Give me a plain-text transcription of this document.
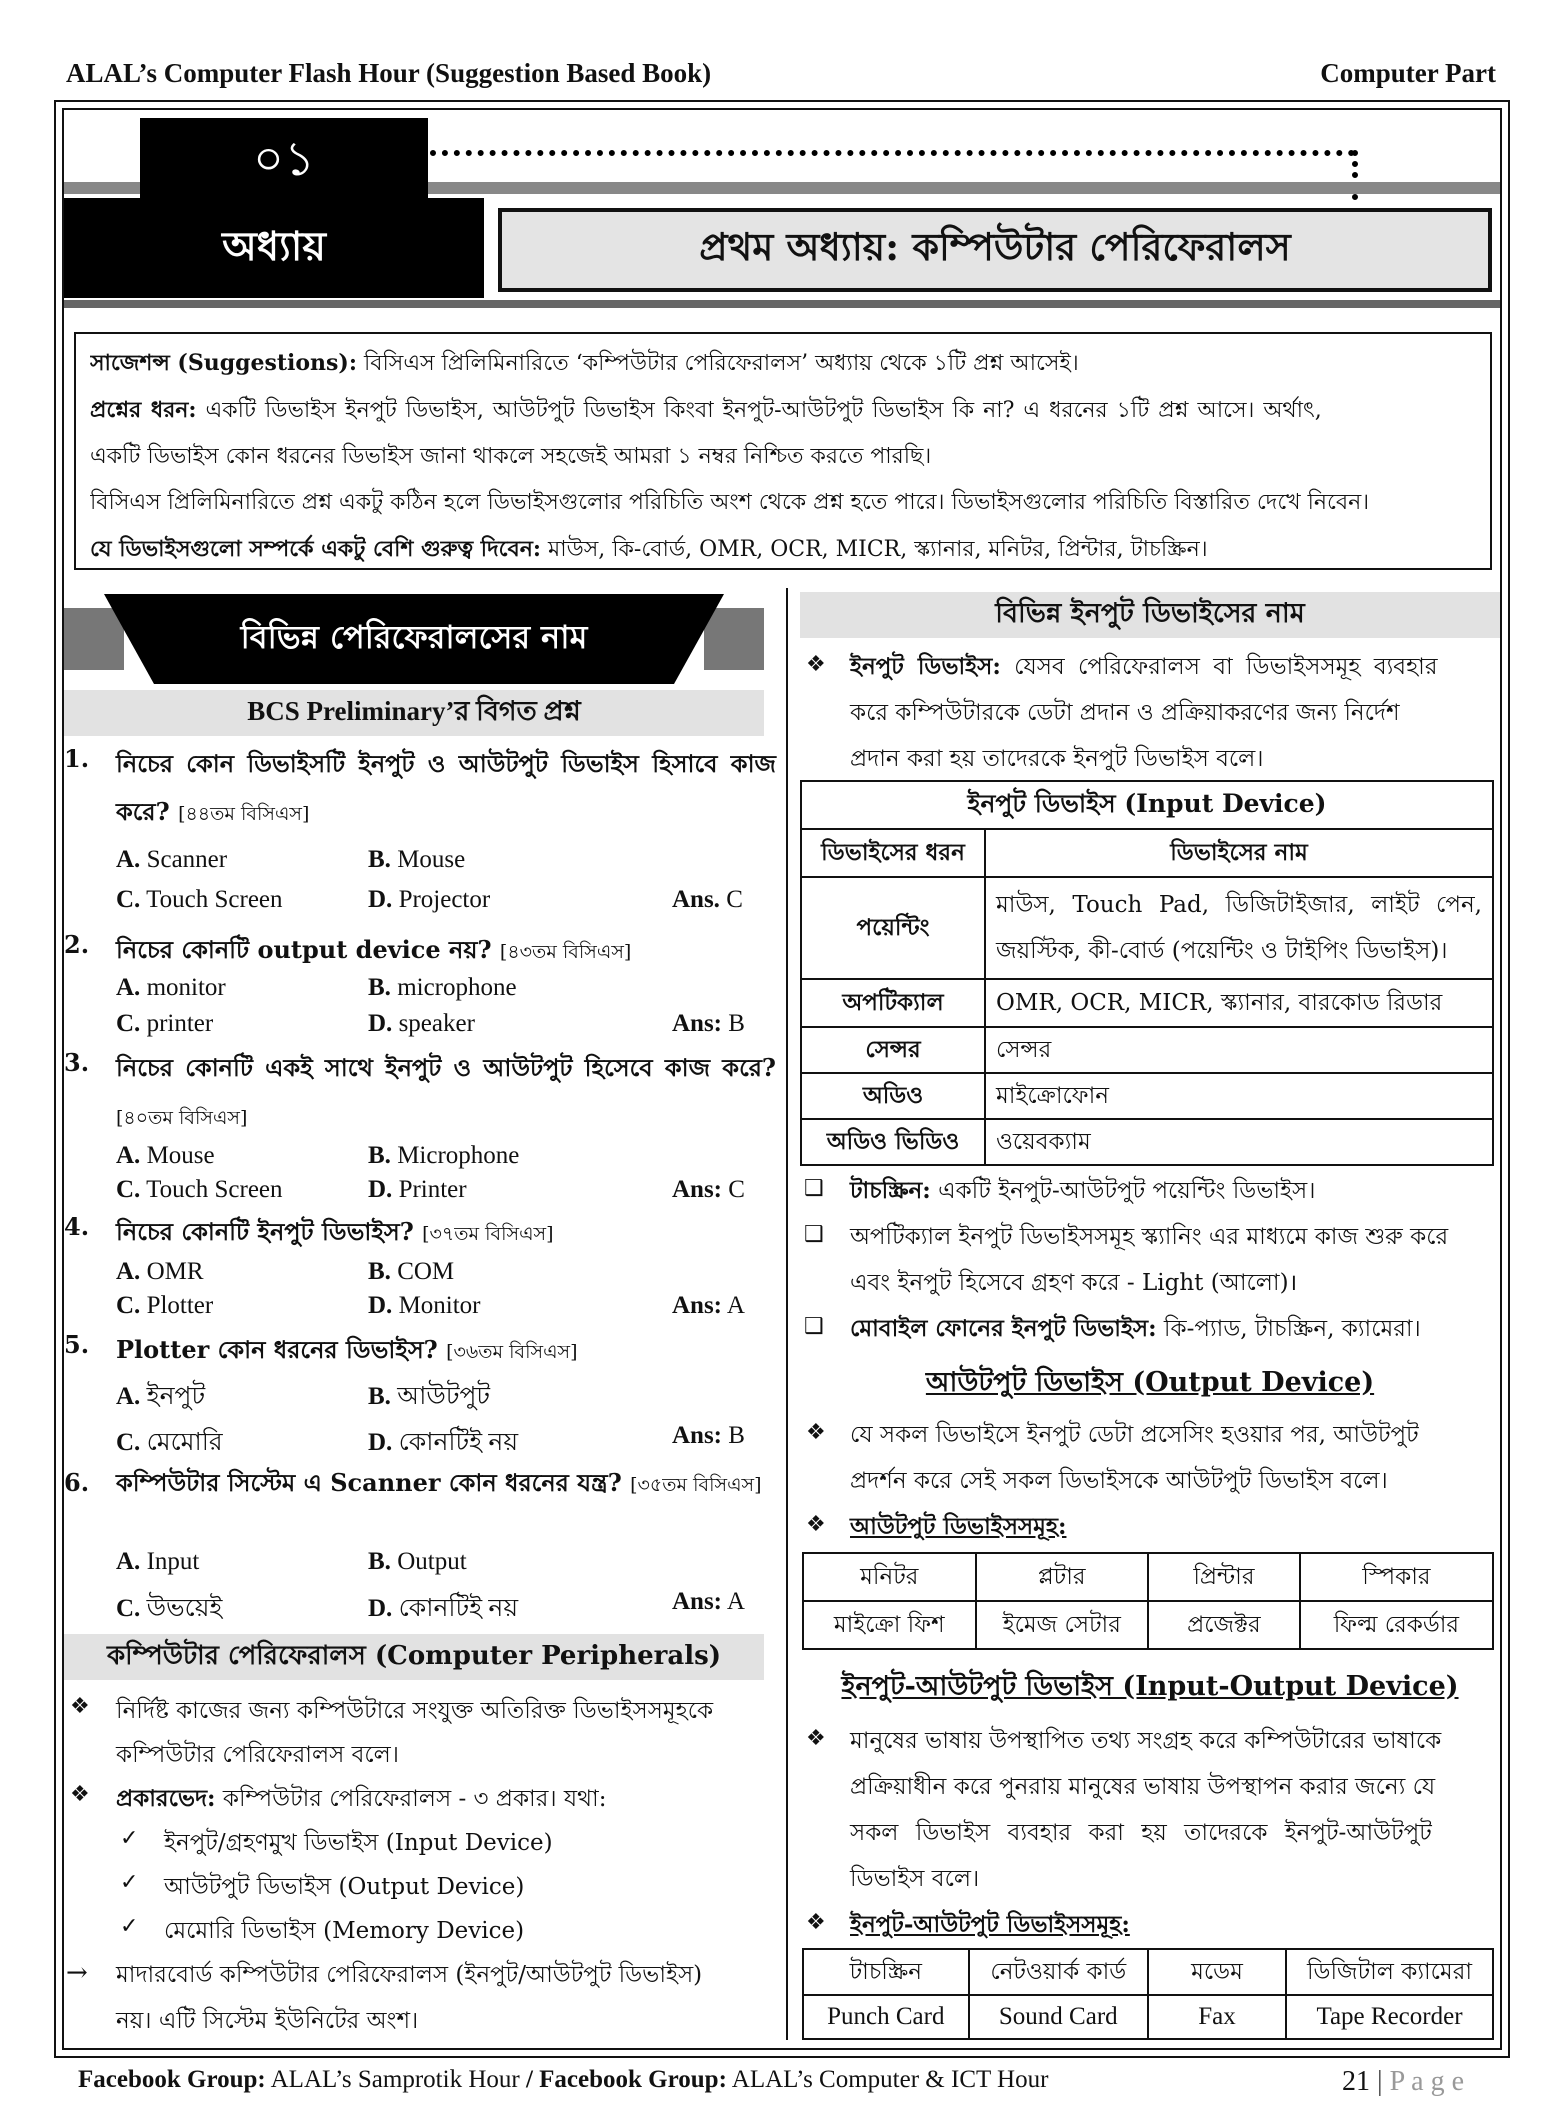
ALAL’s Computer Flash Hour (Suggestion Based Book)	Computer Part
০১
অধ্যায়	প্রথম অধ্যায়: কম্পিউটার পেরিফেরালস

সাজেশন্স (Suggestions): বিসিএস প্রিলিমিনারিতে ‘কম্পিউটার পেরিফেরালস’ অধ্যায় থেকে ১টি প্রশ্ন আসেই।

প্রশ্নের ধরন: একটি ডিভাইস ইনপুট ডিভাইস, আউটপুট ডিভাইস কিংবা ইনপুট-আউটপুট ডিভাইস কি না? এ ধরনের ১টি প্রশ্ন আসে। অর্থাৎ,

একটি ডিভাইস কোন ধরনের ডিভাইস জানা থাকলে সহজেই আমরা ১ নম্বর নিশ্চিত করতে পারছি।

বিসিএস প্রিলিমিনারিতে প্রশ্ন একটু কঠিন হলে ডিভাইসগুলোর পরিচিতি অংশ থেকে প্রশ্ন হতে পারে। ডিভাইসগুলোর পরিচিতি বিস্তারিত দেখে নিবেন।

যে ডিভাইসগুলো সম্পর্কে একটু বেশি গুরুত্ব দিবেন: মাউস, কি-বোর্ড, OMR, OCR, MICR, স্ক্যানার, মনিটর, প্রিন্টার, টাচস্ক্রিন।

বিভিন্ন পেরিফেরালসের নাম
BCS Preliminary’র বিগত প্রশ্ন
1. নিচের কোন ডিভাইসটি ইনপুট ও আউটপুট ডিভাইস হিসাবে কাজ করে? [৪৪তম বিসিএস]
A. Scanner	B. Mouse
C. Touch Screen	D. Projector	Ans. C
2. নিচের কোনটি output device নয়? [৪৩তম বিসিএস]
A. monitor	B. microphone
C. printer	D. speaker	Ans: B
3. নিচের কোনটি একই সাথে ইনপুট ও আউটপুট হিসেবে কাজ করে? [৪০তম বিসিএস]
A. Mouse	B. Microphone
C. Touch Screen	D. Printer	Ans: C
4. নিচের কোনটি ইনপুট ডিভাইস? [৩৭তম বিসিএস]
A. OMR	B. COM
C. Plotter	D. Monitor	Ans: A
5. Plotter কোন ধরনের ডিভাইস? [৩৬তম বিসিএস]
A. ইনপুট	B. আউটপুট
C. মেমোরি	D. কোনটিই নয়	Ans: B
6. কম্পিউটার সিস্টেম এ Scanner কোন ধরনের যন্ত্র? [৩৫তম বিসিএস]
A. Input	B. Output
C. উভয়েই	D. কোনটিই নয়	Ans: A
কম্পিউটার পেরিফেরালস (Computer Peripherals)
❖ নির্দিষ্ট কাজের জন্য কম্পিউটারে সংযুক্ত অতিরিক্ত ডিভাইসসমূহকে
কম্পিউটার পেরিফেরালস বলে।
❖ প্রকারভেদ: কম্পিউটার পেরিফেরালস - ৩ প্রকার। যথা:
✓ ইনপুট/গ্রহণমুখ ডিভাইস (Input Device)
✓ আউটপুট ডিভাইস (Output Device)
✓ মেমোরি ডিভাইস (Memory Device)
→ মাদারবোর্ড কম্পিউটার পেরিফেরালস (ইনপুট/আউটপুট ডিভাইস)
নয়। এটি সিস্টেম ইউনিটের অংশ।
বিভিন্ন ইনপুট ডিভাইসের নাম
❖ ইনপুট ডিভাইস: যেসব পেরিফেরালস বা ডিভাইসসমূহ ব্যবহার
করে কম্পিউটারকে ডেটা প্রদান ও প্রক্রিয়াকরণের জন্য নির্দেশ
প্রদান করা হয় তাদেরকে ইনপুট ডিভাইস বলে।
ইনপুট ডিভাইস (Input Device)	
ডিভাইসের ধরন	ডিভাইসের নাম
পয়েন্টিং	মাউস, Touch Pad, ডিজিটাইজার, লাইট পেন, জয়স্টিক, কী-বোর্ড (পয়েন্টিং ও টাইপিং ডিভাইস)।
অপটিক্যাল	OMR, OCR, MICR, স্ক্যানার, বারকোড রিডার
সেন্সর	সেন্সর
অডিও	মাইক্রোফোন
অডিও ভিডিও	ওয়েবক্যাম
❑ টাচস্ক্রিন: একটি ইনপুট-আউটপুট পয়েন্টিং ডিভাইস।
❑ অপটিক্যাল ইনপুট ডিভাইসসমূহ স্ক্যানিং এর মাধ্যমে কাজ শুরু করে
এবং ইনপুট হিসেবে গ্রহণ করে - Light (আলো)।
❑ মোবাইল ফোনের ইনপুট ডিভাইস: কি-প্যাড, টাচস্ক্রিন, ক্যামেরা।
আউটপুট ডিভাইস (Output Device)
❖ যে সকল ডিভাইসে ইনপুট ডেটা প্রসেসিং হওয়ার পর, আউটপুট
প্রদর্শন করে সেই সকল ডিভাইসকে আউটপুট ডিভাইস বলে।
❖ আউটপুট ডিভাইসসমূহ:
মনিটর	প্লটার	প্রিন্টার	স্পিকার
মাইক্রো ফিশ	ইমেজ সেটার	প্রজেক্টর	ফিল্ম রেকর্ডার
ইনপুট-আউটপুট ডিভাইস (Input-Output Device)
❖ মানুষের ভাষায় উপস্থাপিত তথ্য সংগ্রহ করে কম্পিউটারের ভাষাকে
প্রক্রিয়াধীন করে পুনরায় মানুষের ভাষায় উপস্থাপন করার জন্যে যে
সকল ডিভাইস ব্যবহার করা হয় তাদেরকে ইনপুট-আউটপুট
ডিভাইস বলে।
❖ ইনপুট-আউটপুট ডিভাইসসমূহ:
টাচস্ক্রিন	নেটওয়ার্ক কার্ড	মডেম	ডিজিটাল ক্যামেরা
Punch Card	Sound Card	Fax	Tape Recorder
Facebook Group: ALAL’s Samprotik Hour / Facebook Group: ALAL’s Computer & ICT Hour	21 | P a g e
